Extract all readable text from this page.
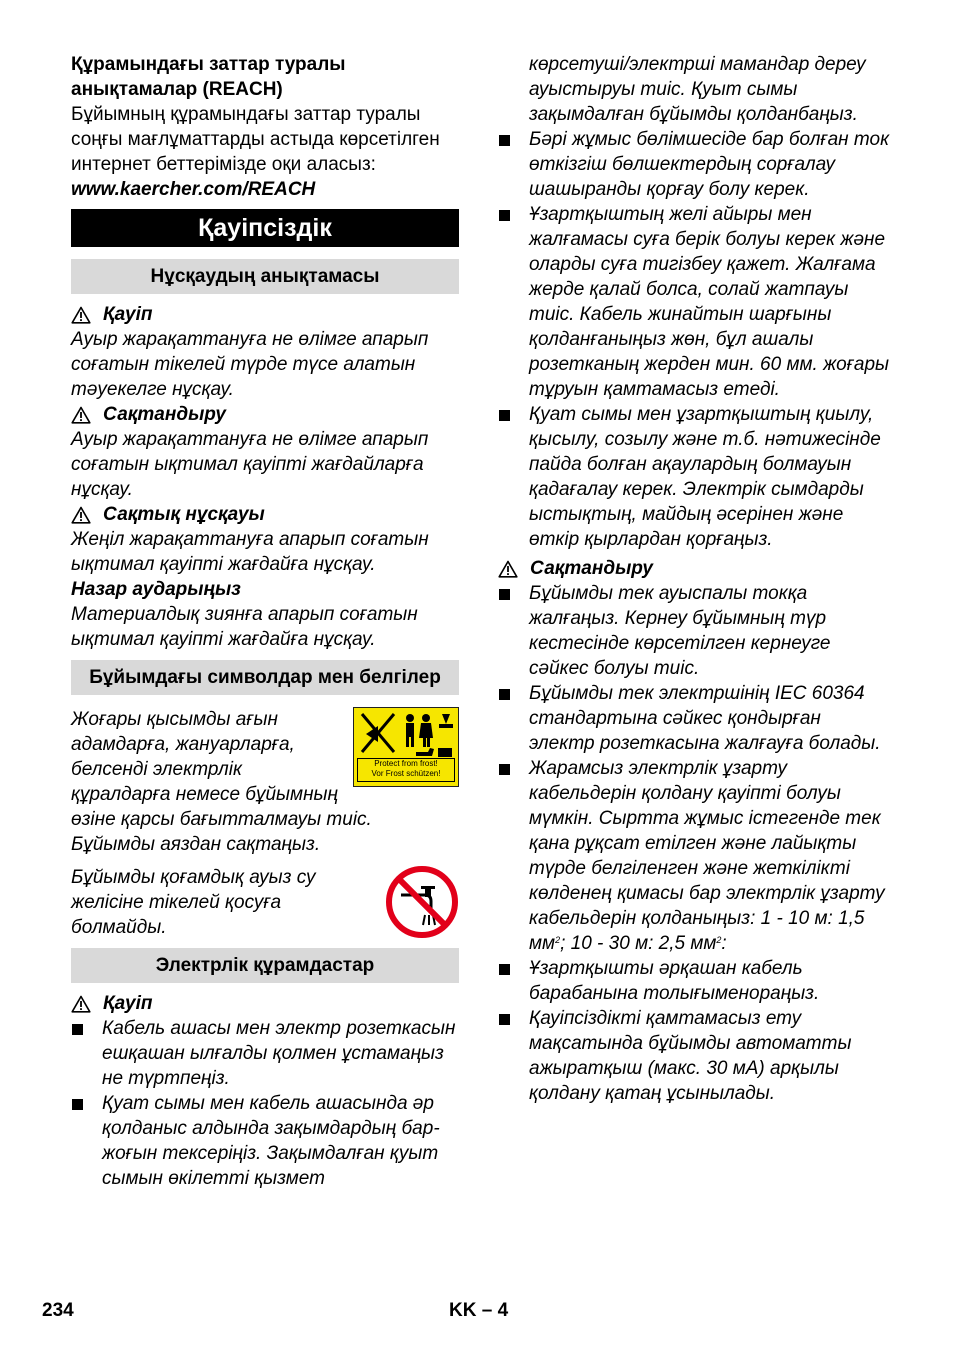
Құрамындағы заттар туралы анықтамалар (REACH)

Бұйымның құрамындағы заттар туралы соңғы мағлұматтарды астыда көрсетілген интернет беттерімізде оқи аласыз:

www.kaercher.com/REACH

Қауіпсіздік
Нұсқаудың анықтамасы
Қауіп

Ауыр жарақаттануға не өлімге апарып соғатын тікелей түрде түсе алатын тәуекелге нұсқау.

Сақтандыру

Ауыр жарақаттануға не өлімге апарып соғатын ықтимал қауіпті жағдайларға нұсқау.

Сақтық нұсқауы

Жеңіл жарақаттануға апарып соғатын ықтимал қауіпті жағдайға нұсқау.

Назар аударыңыз

Материалдық зиянға апарып соғатын ықтимал қауіпті жағдайға нұсқау.

Бұйымдағы символдар мен белгілер
Protect from frost!
Vor Frost schützen!

Жоғары қысымды ағын адамдарға, жануарларға, белсенді электрлік құралдарға немесе бұйымның өзіне қарсы бағытталмауы тиіс.

Бұйымды аяздан сақтаңыз.

Бұйымды қоғамдық ауыз су желісіне тікелей қосуға болмайды.

Электрлік құрамдастар
Қауіп
Кабель ашасы мен электр розеткасын ешқашан ылғалды қолмен ұстамаңыз не түртпеңіз.
Қуат сымы мен кабель ашасында әр қолданыс алдында зақымдардың бар-жоғын тексеріңіз. Зақымдалған қуыт сымын өкілетті қызмет

көрсетуші/электрші мамандар дереу ауыстыруы тиіс. Қуыт сымы зақымдалған бұйымды қолданбаңыз.

Бәрі жұмыс бөлімшесіде бар болған ток өткізгіш бөлшектердың сорғалау шашыранды қорғау болу керек.
Ұзартқыштың желі айыры мен жалғамасы суға берік болуы керек және оларды суға тигізбеу қажет. Жалғама жерде қалай болса, солай жатпауы тиіс. Кабель жинайтын шарғыны қолданғаныңыз жөн, бұл ашалы розетканың жерден мин. 60 мм. жоғары тұруын қамтамасыз етеді.
Қуат сымы мен ұзартқыштың қиылу, қысылу, созылу және т.б. нәтижесінде пайда болған ақаулардың болмауын қадағалау керек. Электрік сымдарды ыстықтың, майдың әсерінен және өткір қырлардан қорғаңыз.
Сақтандыру
Бұйымды тек ауыспалы токқа жалғаңыз. Кернеу бұйымның түр кестесінде көрсетілген кернеуге сәйкес болуы тиіс.
Бұйымды тек электршінің IEC 60364 стандартына сәйкес қондырған электр розеткасына жалғауға болады.
Жарамсыз электрлік ұзарту кабельдерін қолдану қауіпті болуы мүмкін. Сыртта жұмыс істегенде тек қана рұқсат етілген және лайықты түрде белгіленген және жеткілікті көлденең қимасы бар электрлік ұзарту кабельдерін қолданыңыз: 1 - 10 м: 1,5 $мм^2$; 10 - 30 м: 2,5 $мм^2$:
Ұзартқышты әрқашан кабель барабанына толығыменораңыз.
Қауіпсіздікті қамтамасыз ету мақсатында бұйымды автоматты ажыратқыш (макс. 30 мА) арқылы қолдану қатаң ұсынылады.
234	KK – 4
